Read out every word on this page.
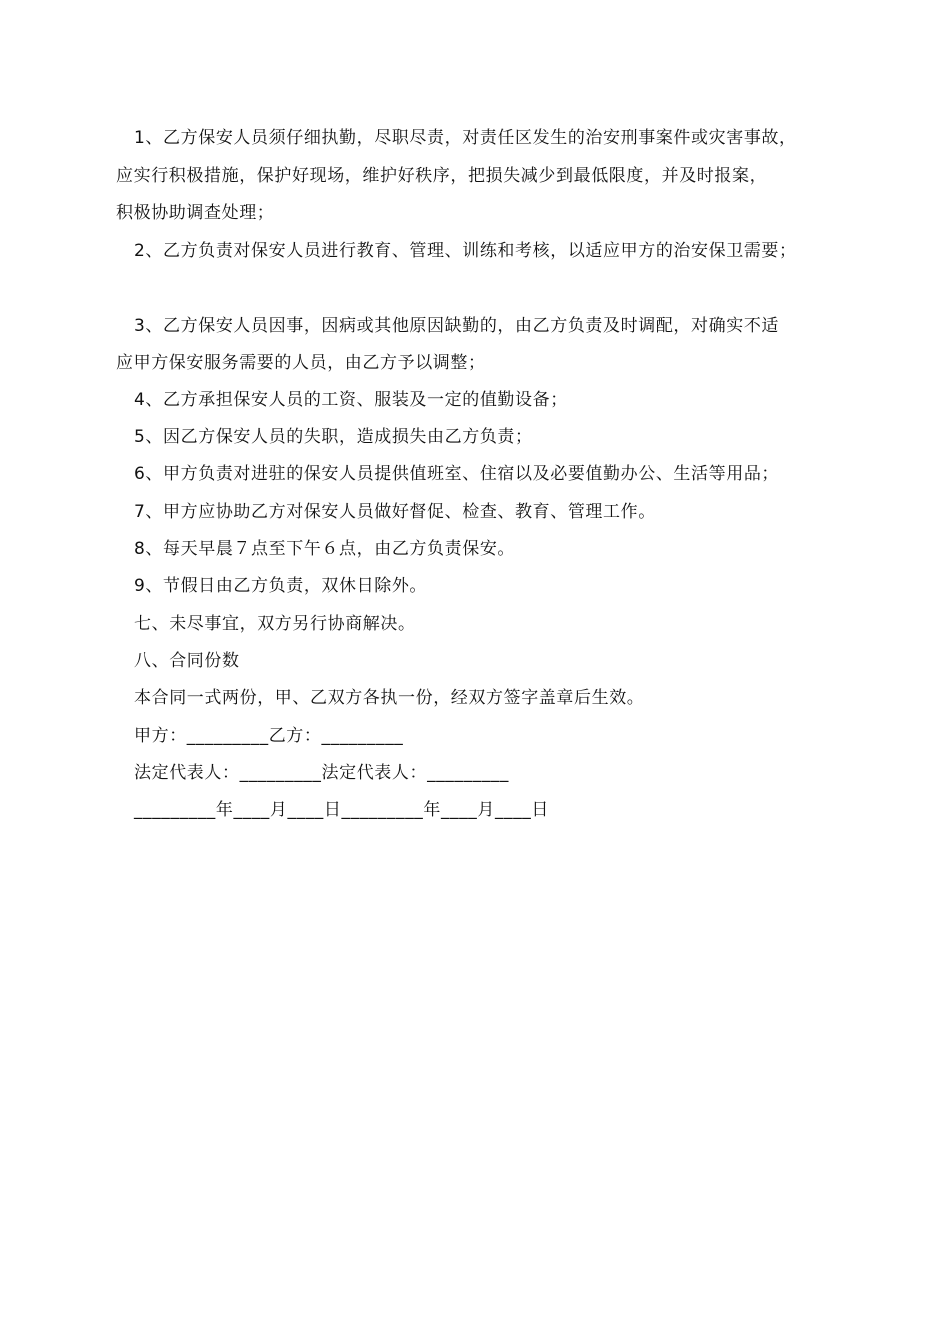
1、乙方保安人员须仔细执勤，尽职尽责，对责任区发生的治安刑事案件或灾害事故，
应实行积极措施，保护好现场，维护好秩序，把损失减少到最低限度，并及时报案，
积极协助调查处理；
2、乙方负责对保安人员进行教育、管理、训练和考核，以适应甲方的治安保卫需要；
3、乙方保安人员因事，因病或其他原因缺勤的，由乙方负责及时调配，对确实不适
应甲方保安服务需要的人员，由乙方予以调整；
4、乙方承担保安人员的工资、服装及一定的值勤设备；
5、因乙方保安人员的失职，造成损失由乙方负责；
6、甲方负责对进驻的保安人员提供值班室、住宿以及必要值勤办公、生活等用品；
7、甲方应协助乙方对保安人员做好督促、检查、教育、管理工作。
8、每天早晨７点至下午６点，由乙方负责保安。
9、节假日由乙方负责，双休日除外。
七、未尽事宜，双方另行协商解决。
八、合同份数
本合同一式两份，甲、乙双方各执一份，经双方签字盖章后生效。
甲方：_________乙方：_________
法定代表人：_________法定代表人：_________
_________年____月____日_________年____月____日
